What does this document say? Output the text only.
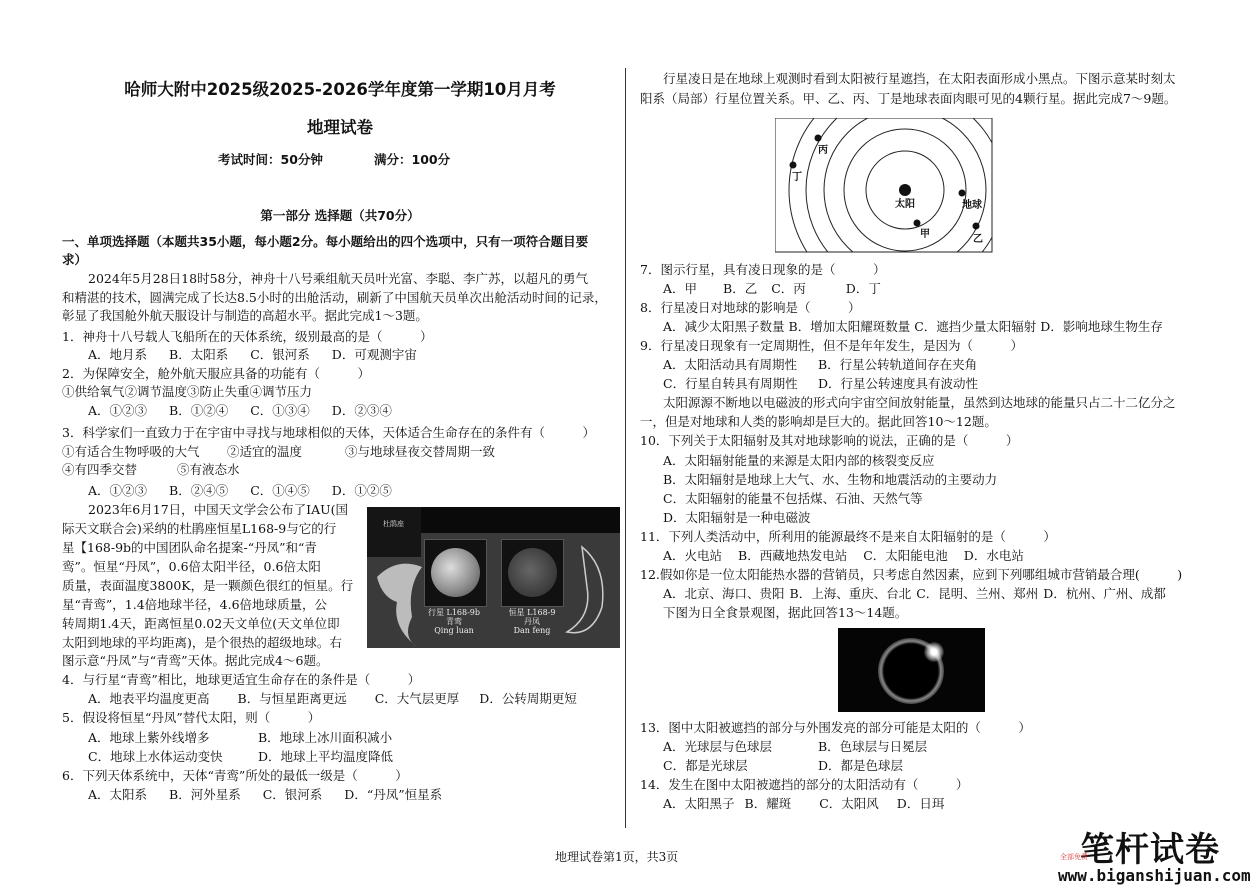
哈师大附中2025级2025-2026学年度第一学期10月月考
地理试卷
考试时间：50分钟	满分：100分
第一部分 选择题（共70分）
一、单项选择题（本题共35小题，每小题2分。每小题给出的四个选项中，只有一项符合题目要
求）
2024年5月28日18时58分，神舟十八号乘组航天员叶光富、李聪、李广苏，以超凡的勇气
和精湛的技术，圆满完成了长达8.5小时的出舱活动，刷新了中国航天员单次出舱活动时间的记录，
彰显了我国舱外航天服设计与制造的高超水平。据此完成1～3题。
1．神舟十八号载人飞船所在的天体系统，级别最高的是（　　　）
A．地月系 B．太阳系 C．银河系 D．可观测宇宙
2．为保障安全，舱外航天服应具备的功能有（　　　）
①供给氧气②调节温度③防止失重④调节压力
A．①②③ B．①②④ C．①③④ D．②③④
3．科学家们一直致力于在宇宙中寻找与地球相似的天体，天体适合生命存在的条件有（　　　）
①有适合生物呼吸的大气 ②适宜的温度	③与地球昼夜交替周期一致
④有四季交替	⑤有液态水
A．①②③ B．②④⑤ C．①④⑤ D．①②⑤
2023年6月17日，中国天文学会公布了IAU(国
际天文联合会)采纳的杜鹃座恒星L168-9与它的行
星【168-9b的中国团队命名提案-“丹凤”和“青
鸾”。恒星“丹凤”，0.6倍太阳半径，0.6倍太阳
质量，表面温度3800K，是一颗颜色很红的恒星。行
星“青鸾”，1.4倍地球半径，4.6倍地球质量，公
转周期1.4天，距离恒星0.02天文单位(天文单位即
太阳到地球的平均距离)，是个很热的超级地球。右
图示意“丹凤”与“青鸾”天体。据此完成4～6题。
杜鹃座
行星 L168-9b
青鸾
Qing luan
恒星 L168-9
丹凤
Dan feng
4．与行星“青鸾”相比，地球更适宜生命存在的条件是（　　　）
A．地表平均温度更高 B．与恒星距离更远 C．大气层更厚 D．公转周期更短
5．假设将恒星“丹凤”替代太阳，则（　　　）
A．地球上紫外线增多	B．地球上冰川面积减小
C．地球上水体运动变快	D．地球上平均温度降低
6．下列天体系统中，天体“青鸾”所处的最低一级是（　　　）
A．太阳系 B．河外星系 C．银河系 D．“丹凤”恒星系
行星凌日是在地球上观测时看到太阳被行星遮挡，在太阳表面形成小黑点。下图示意某时刻太
阳系（局部）行星位置关系。甲、乙、丙、丁是地球表面肉眼可见的4颗行星。据此完成7～9题。
太阳
甲
地球
乙
丙
丁
7．图示行星，具有凌日现象的是（　　　）
A．甲 B．乙 C．丙	D．丁
8．行星凌日对地球的影响是（　　　）
A．减少太阳黑子数量 B．增加太阳耀斑数量 C．遮挡少量太阳辐射 D．影响地球生物生存
9．行星凌日现象有一定周期性，但不是年年发生，是因为（　　　）
A．太阳活动具有周期性 B．行星公转轨道间存在夹角
C．行星自转具有周期性 D．行星公转速度具有波动性
太阳源源不断地以电磁波的形式向宇宙空间放射能量，虽然到达地球的能量只占二十二亿分之
一，但是对地球和人类的影响却是巨大的。据此回答10～12题。
10．下列关于太阳辐射及其对地球影响的说法，正确的是（　　　）
A．太阳辐射能量的来源是太阳内部的核裂变反应
B．太阳辐射是地球上大气、水、生物和地震活动的主要动力
C．太阳辐射的能量不包括煤、石油、天然气等
D．太阳辐射是一种电磁波
11．下列人类活动中，所利用的能源最终不是来自太阳辐射的是（　　　）
A．火电站 B．西藏地热发电站 C．太阳能电池 D．水电站
12.假如你是一位太阳能热水器的营销员，只考虑自然因素，应到下列哪组城市营销最合理(　　　)
A．北京、海口、贵阳 B．上海、重庆、台北 C．昆明、兰州、郑州 D．杭州、广州、成都
下图为日全食景观图，据此回答13～14题。
13．图中太阳被遮挡的部分与外围发亮的部分可能是太阳的（　　　）
A．光球层与色球层	B．色球层与日冕层
C．都是光球层	D．都是色球层
14．发生在图中太阳被遮挡的部分的太阳活动有（　　　）
A．太阳黑子 B．耀斑 C．太阳风 D．日珥
地理试卷第1页，共3页	笔杆试卷
全部免费
www.biganshijuan.com
